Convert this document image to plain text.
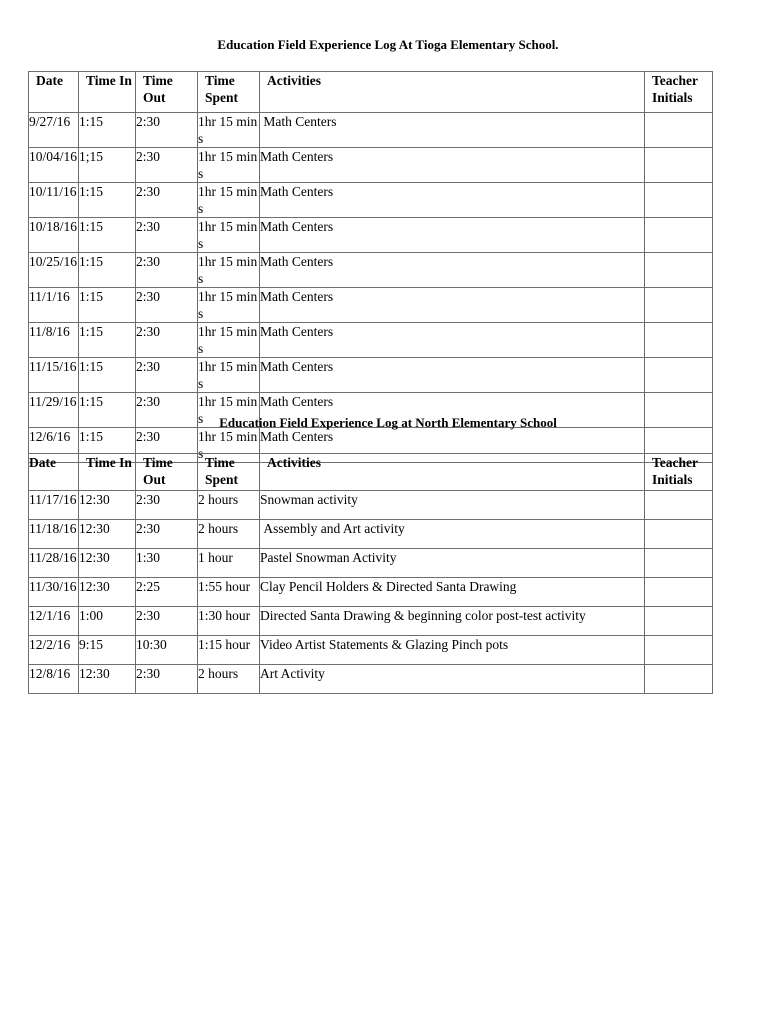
Education Field Experience Log At Tioga Elementary School.
Date	Time In	Time Out	Time Spent	Activities	Teacher Initials

9/27/16	1:15	2:30	1hr 15 mins	Math Centers	

10/04/16	1;15	2:30	1hr 15 mins	Math Centers	

10/11/16	1:15	2:30	1hr 15 mins	Math Centers	

10/18/16	1:15	2:30	1hr 15 mins	Math Centers	

10/25/16	1:15	2:30	1hr 15 mins	Math Centers	

11/1/16	1:15	2:30	1hr 15 mins	Math Centers	

11/8/16	1:15	2:30	1hr 15 mins	Math Centers	

11/15/16	1:15	2:30	1hr 15 mins	Math Centers	

11/29/16	1:15	2:30	1hr 15 mins	Math Centers	

12/6/16	1:15	2:30	1hr 15 mins	Math Centers	

Education Field Experience Log at North Elementary School
Date	Time In	Time Out	Time Spent	Activities	Teacher Initials

11/17/16	12:30	2:30	2 hours	Snowman activity	

11/18/16	12:30	2:30	2 hours	Assembly and Art activity	

11/28/16	12:30	1:30	1 hour	Pastel Snowman Activity	

11/30/16	12:30	2:25	1:55 hour	Clay Pencil Holders & Directed Santa Drawing	

12/1/16	1:00	2:30	1:30 hour	Directed Santa Drawing & beginning color post-test activity	

12/2/16	9:15	10:30	1:15 hour	Video Artist Statements & Glazing Pinch pots	

12/8/16	12:30	2:30	2 hours	Art Activity	
